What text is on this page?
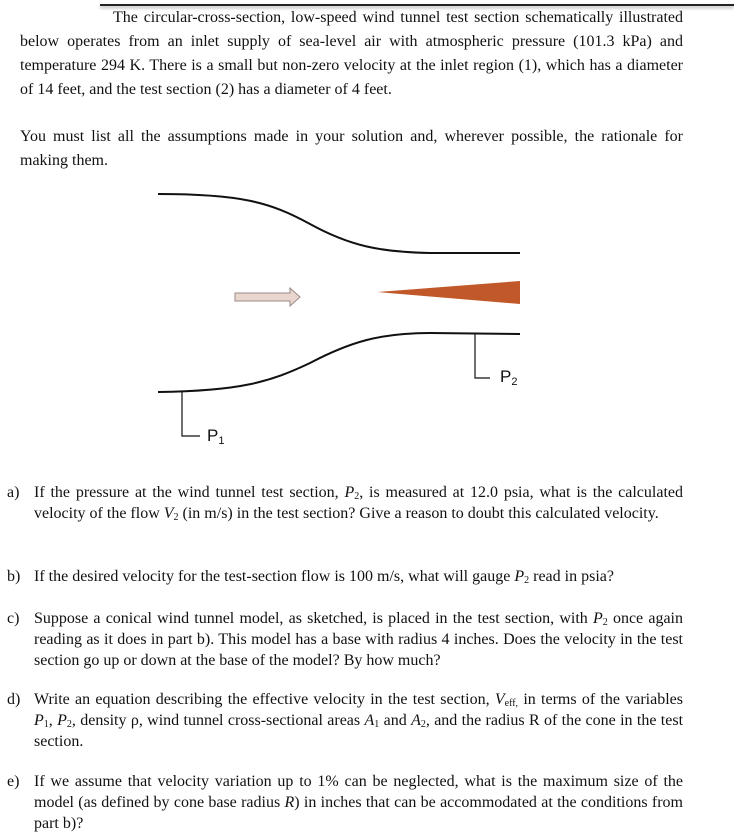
The circular-cross-section, low-speed wind tunnel test section schematically illustrated below operates from an inlet supply of sea-level air with atmospheric pressure (101.3 kPa) and temperature 294 K. There is a small but non-zero velocity at the inlet region (1), which has a diameter of 14 feet, and the test section (2) has a diameter of 4 feet.
You must list all the assumptions made in your solution and, wherever possible, the rationale for making them.
$P_2$
$P_1$
a) If the pressure at the wind tunnel test section, $P_2$, is measured at 12.0 psia, what is the calculated velocity of the flow $V_2$ (in m/s) in the test section? Give a reason to doubt this calculated velocity.
b) If the desired velocity for the test-section flow is 100 m/s, what will gauge $P_2$ read in psia?
c) Suppose a conical wind tunnel model, as sketched, is placed in the test section, with $P_2$ once again reading as it does in part b). This model has a base with radius 4 inches. Does the velocity in the test section go up or down at the base of the model? By how much?
d) Write an equation describing the effective velocity in the test section, $V_{eff,}$ in terms of the variables $P_1$, $P_2$, density ρ, wind tunnel cross-sectional areas $A_1$ and $A_2$, and the radius R of the cone in the test section.
e) If we assume that velocity variation up to 1% can be neglected, what is the maximum size of the model (as defined by cone base radius R) in inches that can be accommodated at the conditions from part b)?
